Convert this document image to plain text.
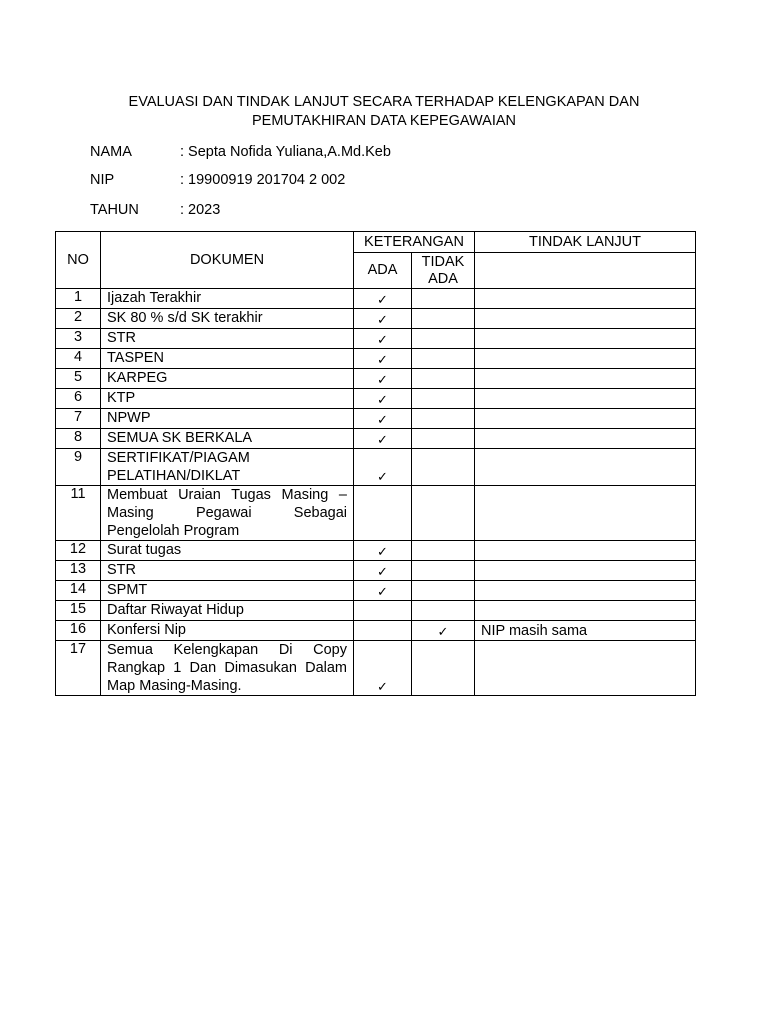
EVALUASI DAN TINDAK LANJUT SECARA TERHADAP KELENGKAPAN DAN
PEMUTAKHIRAN DATA KEPEGAWAIAN
NAMA	: Septa Nofida Yuliana,A.Md.Keb
NIP	: 19900919 201704 2 002
TAHUN	: 2023
NO	DOKUMEN	KETERANGAN		TINDAK LANJUT
		ADA	TIDAK ADA	
1	Ijazah Terakhir	✓		
2	SK 80 % s/d SK terakhir	✓		
3	STR	✓		
4	TASPEN	✓		
5	KARPEG	✓		
6	KTP	✓		
7	NPWP	✓		
8	SEMUA SK BERKALA	✓		
9	SERTIFIKAT/PIAGAM PELATIHAN/DIKLAT	✓		
11	Membuat Uraian Tugas Masing – Masing Pegawai Sebagai Pengelolah Program			
12	Surat tugas	✓		
13	STR	✓		
14	SPMT	✓		
15	Daftar Riwayat Hidup			
16	Konfersi Nip		✓	NIP masih sama
17	Semua Kelengkapan Di Copy Rangkap 1 Dan Dimasukan Dalam Map Masing-Masing.	✓		
